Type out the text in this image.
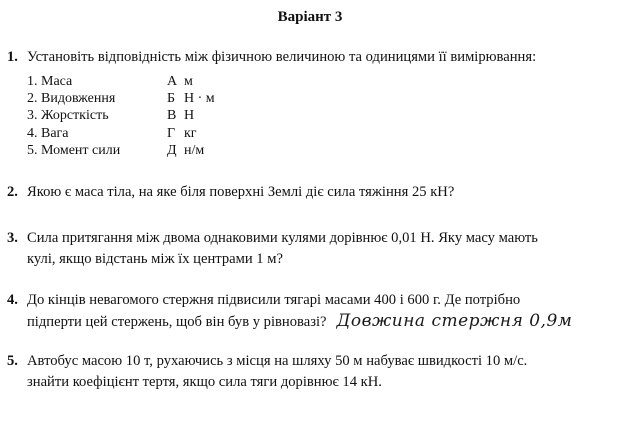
Варіант 3
1. Установіть відповідність між фізичною величиною та одиницями її вимірювання:
1. Маса	А м
2. Видовження	Б Н · м
3. Жорсткість	В Н
4. Вага	Г кг
5. Момент сили	Д н/м
2. Якою є маса тіла, на яке біля поверхні Землі діє сила тяжіння 25 кН?
3. Сила притягання між двома однаковими кулями дорівнює 0,01 Н. Яку масу мають
кулі, якщо відстань між їх центрами 1 м?
4. До кінців невагомого стержня підвисили тягарі масами 400 і 600 г. Де потрібно
підперти цей стержень, щоб він був у рівновазі? Довжина стержня 0,9м
5. Автобус масою 10 т, рухаючись з місця на шляху 50 м набуває швидкості 10 м/с.
знайти коефіцієнт тертя, якщо сила тяги дорівнює 14 кН.
